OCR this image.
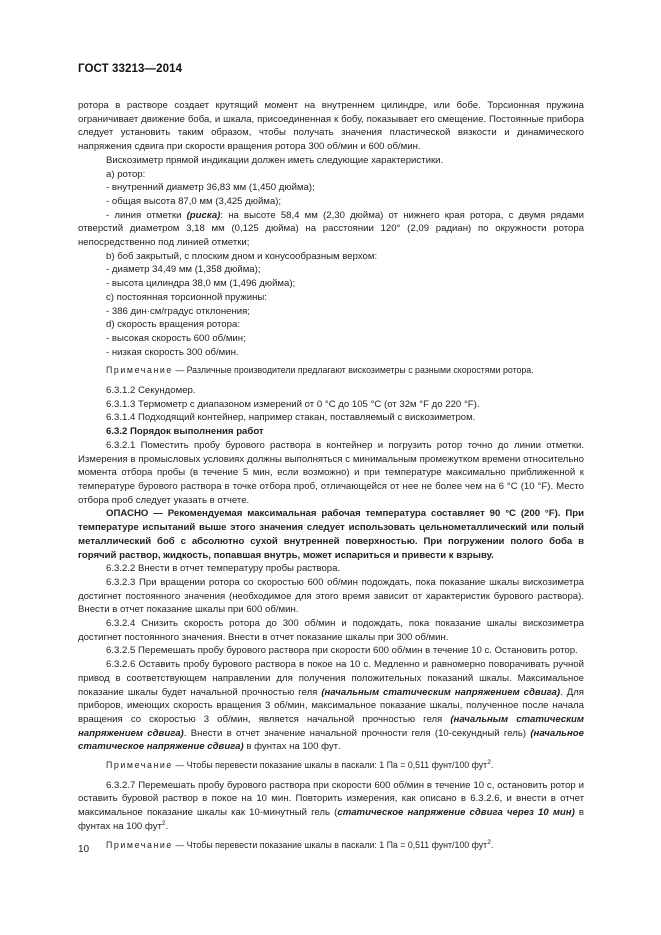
ГОСТ 33213—2014

ротора в растворе создает крутящий момент на внутреннем цилиндре, или бобе. Торсионная пружина ограничивает движение боба, и шкала, присоединенная к бобу, показывает его смещение. Постоянные прибора следует установить таким образом, чтобы получать значения пластической вязкости и динамического напряжения сдвига при скорости вращения ротора 300 об/мин и 600 об/мин.

Вискозиметр прямой индикации должен иметь следующие характеристики.

а) ротор:

- внутренний диаметр 36,83 мм (1,450 дюйма);

- общая высота 87,0 мм (3,425 дюйма);

- линия отметки (риска): на высоте 58,4 мм (2,30 дюйма) от нижнего края ротора, с двумя рядами отверстий диаметром 3,18 мм (0,125 дюйма) на расстоянии 120° (2,09 радиан) по окружности ротора непосредственно под линией отметки;

b) боб закрытый, с плоским дном и конусообразным верхом:

- диаметр 34,49 мм (1,358 дюйма);

- высота цилиндра 38,0 мм (1,496 дюйма);

с) постоянная торсионной пружины:

- 386 дин·см/градус отклонения;

d) скорость вращения ротора:

- высокая скорость 600 об/мин;

- низкая скорость 300 об/мин.

Примечание — Различные производители предлагают вискозиметры с разными скоростями ротора.

6.3.1.2 Секундомер.

6.3.1.3 Термометр с диапазоном измерений от 0 °С до 105 °С (от 32м °F до 220 °F).

6.3.1.4 Подходящий контейнер, например стакан, поставляемый с вискозиметром.

6.3.2 Порядок выполнения работ

6.3.2.1 Поместить пробу бурового раствора в контейнер и погрузить ротор точно до линии отметки. Измерения в промысловых условиях должны выполняться с минимальным промежутком времени относительно момента отбора пробы (в течение 5 мин, если возможно) и при температуре максимально приближенной к температуре бурового раствора в точке отбора проб, отличающейся от нее не более чем на 6 °С (10 °F). Место отбора проб следует указать в отчете.

ОПАСНО — Рекомендуемая максимальная рабочая температура составляет 90 °С (200 °F). При температуре испытаний выше этого значения следует использовать цельнометаллический или полый металлический боб с абсолютно сухой внутренней поверхностью. При погружении полого боба в горячий раствор, жидкость, попавшая внутрь, может испариться и привести к взрыву.

6.3.2.2 Внести в отчет температуру пробы раствора.

6.3.2.3 При вращении ротора со скоростью 600 об/мин подождать, пока показание шкалы вискозиметра достигнет постоянного значения (необходимое для этого время зависит от характеристик бурового раствора). Внести в отчет показание шкалы при 600 об/мин.

6.3.2.4 Снизить скорость ротора до 300 об/мин и подождать, пока показание шкалы вискозиметра достигнет постоянного значения. Внести в отчет показание шкалы при 300 об/мин.

6.3.2.5 Перемешать пробу бурового раствора при скорости 600 об/мин в течение 10 с. Остановить ротор.

6.3.2.6 Оставить пробу бурового раствора в покое на 10 с. Медленно и равномерно поворачивать ручной привод в соответствующем направлении для получения положительных показаний шкалы. Максимальное показание шкалы будет начальной прочностью геля (начальным статическим напряжением сдвига). Для приборов, имеющих скорость вращения 3 об/мин, максимальное показание шкалы, полученное после начала вращения со скоростью 3 об/мин, является начальной прочностью геля (начальным статическим напряжением сдвига). Внести в отчет значение начальной прочности геля (10-секундный гель) (начальное статическое напряжение сдвига) в фунтах на 100 фут.

Примечание — Чтобы перевести показание шкалы в паскали: 1 Па = 0,511 фунт/100 фут$^2$.

6.3.2.7 Перемешать пробу бурового раствора при скорости 600 об/мин в течение 10 с, остановить ротор и оставить буровой раствор в покое на 10 мин. Повторить измерения, как описано в 6.3.2.6, и внести в отчет максимальное показание шкалы как 10-минутный гель (статическое напряжение сдвига через 10 мин) в фунтах на 100 фут$^2$.

Примечание — Чтобы перевести показание шкалы в паскали: 1 Па = 0,511 фунт/100 фут$^2$.

10
